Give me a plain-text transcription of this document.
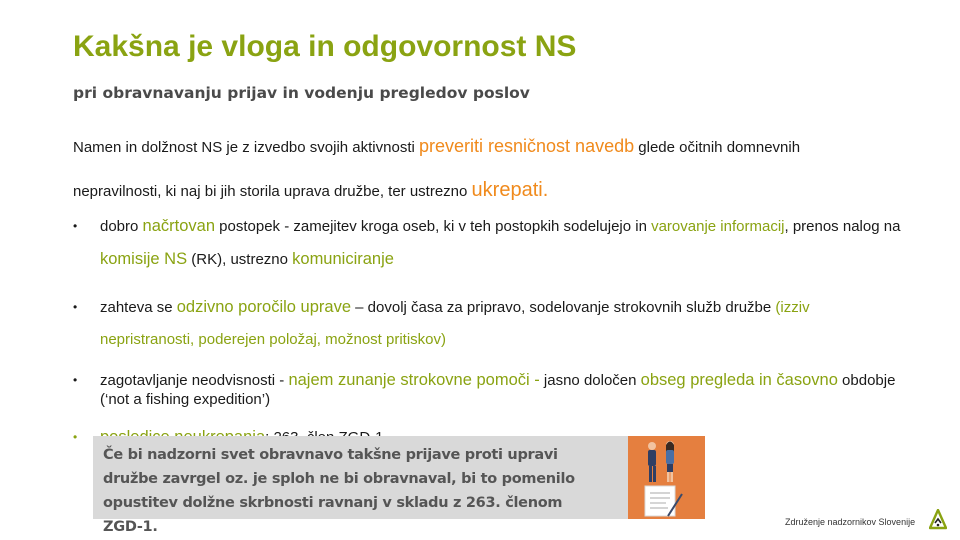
Kakšna je vloga in odgovornost NS
pri obravnavanju prijav in vodenju pregledov poslov
Namen in dolžnost NS je z izvedbo svojih aktivnosti preveriti resničnost navedb glede očitnih domnevnih nepravilnosti, ki naj bi jih storila uprava družbe, ter ustrezno ukrepati.
• dobro načrtovan postopek - zamejitev kroga oseb, ki v teh postopkih sodelujejo in varovanje informacij, prenos nalog na komisije NS (RK), ustrezno komuniciranje
• zahteva se odzivno poročilo uprave – dovolj časa za pripravo, sodelovanje strokovnih služb družbe (izziv nepristranosti, poderejen položaj, možnost pritiskov)
• zagotavljanje neodvisnosti - najem zunanje strokovne pomoči - jasno določen obseg pregleda in časovno obdobje (‘not a fishing expedition’)
•
Če bi nadzorni svet obravnavo takšne prijave proti upravi družbe zavrgel oz. je sploh ne bi obravnaval, bi to pomenilo opustitev dolžne skrbnosti ravnanj v skladu z 263. členom ZGD-1.	Združenje nadzornikov Slovenije
